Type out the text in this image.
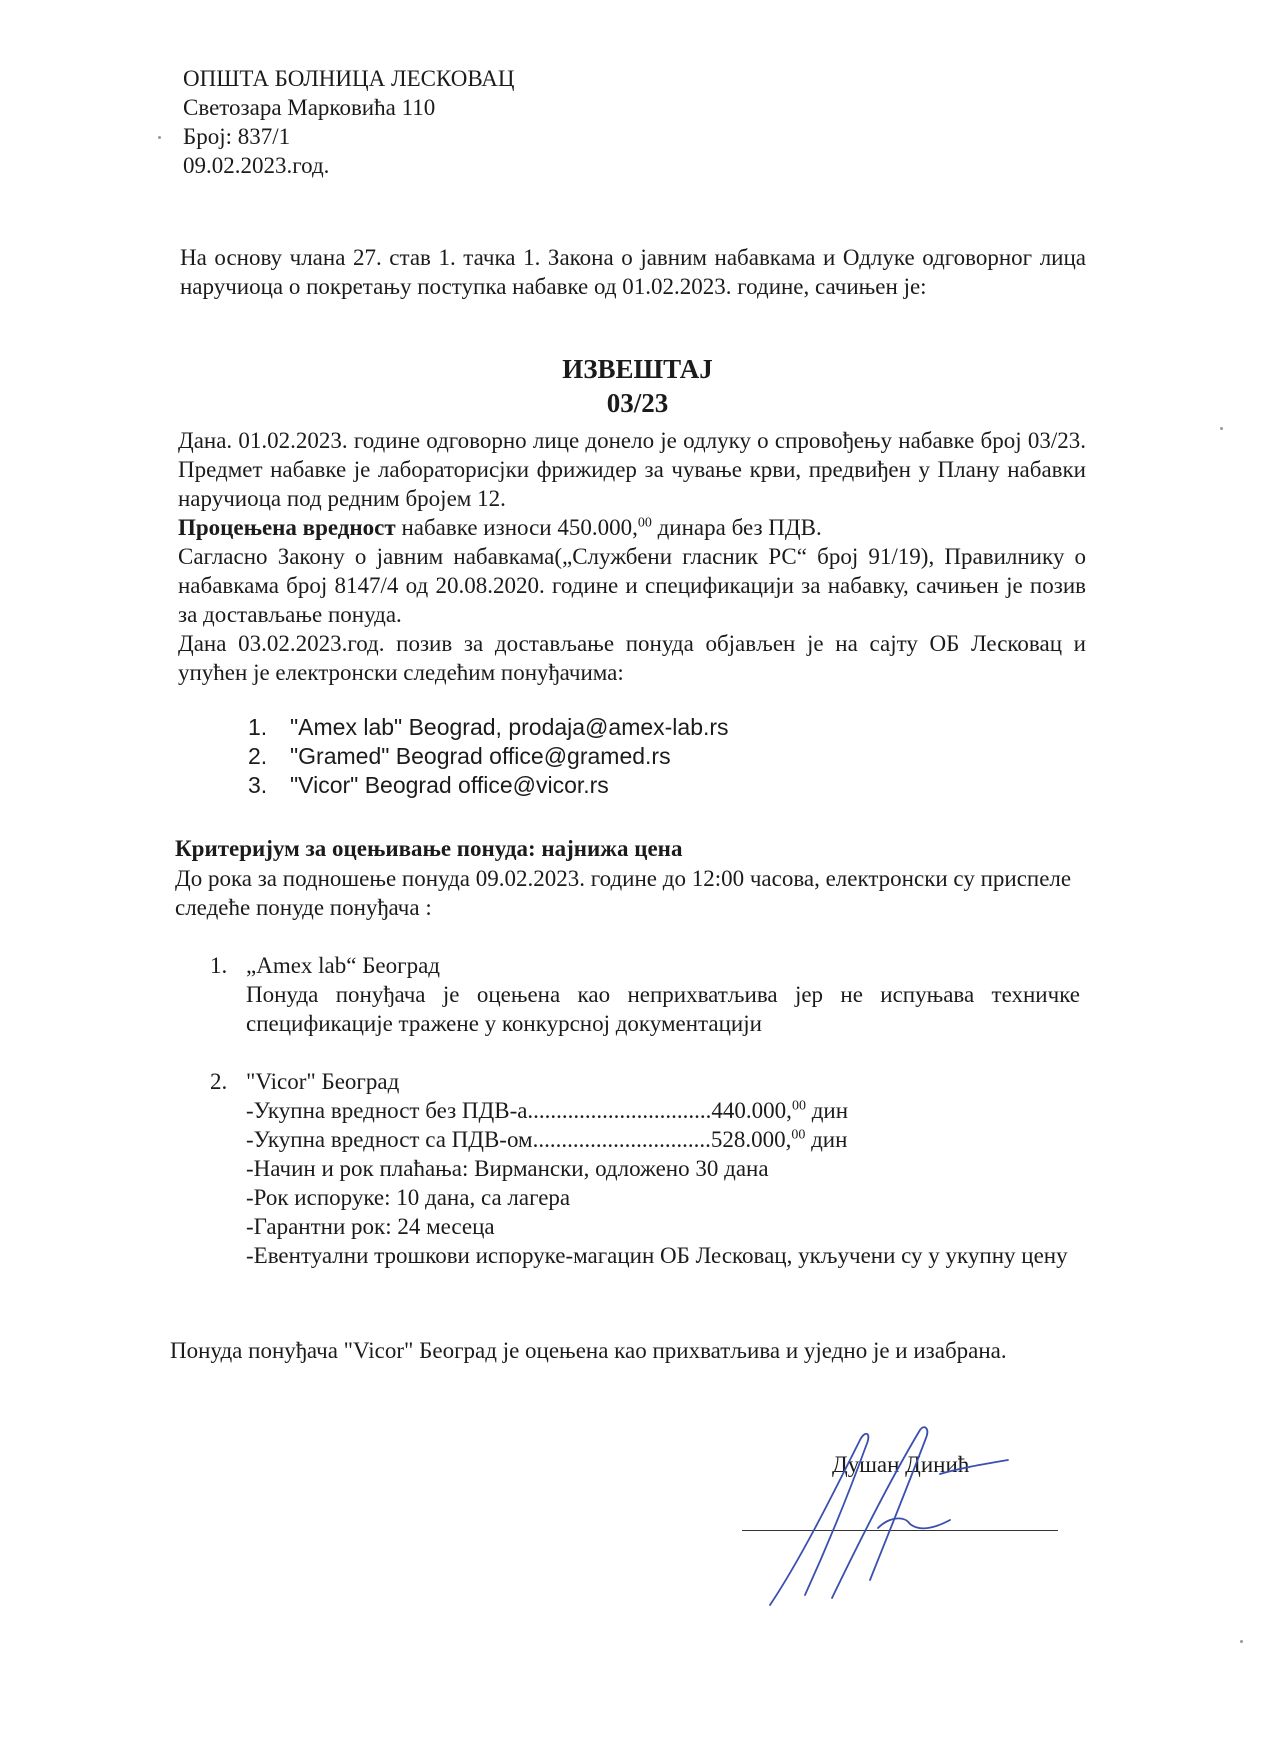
ОПШТА БОЛНИЦА ЛЕСКОВАЦ
Светозара Марковића 110
Број: 837/1
09.02.2023.год.
На основу члана 27. став 1. тачка 1. Закона о јавним набавкама и Одлуке одговорног лица наручиоца о покретању поступка набавке од 01.02.2023. године, сачињен је:
ИЗВЕШТАЈ
03/23
Дана. 01.02.2023. године одговорно лице донело је одлуку о спровођењу набавке број 03/23. Предмет набавке је лабораторисјки фрижидер за чување крви, предвиђен у Плану набавки наручиоца под редним бројем 12.
Процењена вредност набавке износи 450.000,00 динара без ПДВ.
Сагласно Закону о јавним набавкама(„Службени гласник РС“ број 91/19), Правилнику о набавкама број 8147/4 од 20.08.2020. године и спецификацији за набавку, сачињен је позив за достављање понуда.
Дана 03.02.2023.год. позив за достављање понуда објављен је на сајту ОБ Лесковац и упућен је електронски следећим понуђачима:
1. "Amex lab" Beograd, prodaja@amex-lab.rs
2. "Gramed" Beograd office@gramed.rs
3. "Vicor" Beograd office@vicor.rs
Критеријум за оцењивање понуда: најнижа цена
До рока за подношење понуда 09.02.2023. године до 12:00 часова, електронски су приспеле следеће понуде понуђача :
1. „Amex lab“ Београд
Понуда понуђача је оцењена као неприхватљива јер не испуњава техничке спецификације тражене у конкурсној документацији
2. "Vicor" Београд
-Укупна вредност без ПДВ-а................................440.000,00 дин
-Укупна вредност са ПДВ-ом...............................528.000,00 дин
-Начин и рок плаћања: Вирмански, одложено 30 дана
-Рок испоруке: 10 дана, са лагера
-Гарантни рок: 24 месеца
-Евентуални трошкови испоруке-магацин ОБ Лесковац, укључени су у укупну цену
Понуда понуђача "Vicor" Београд је оцењена као прихватљива и уједно је и изабрана.
Душан Динић
